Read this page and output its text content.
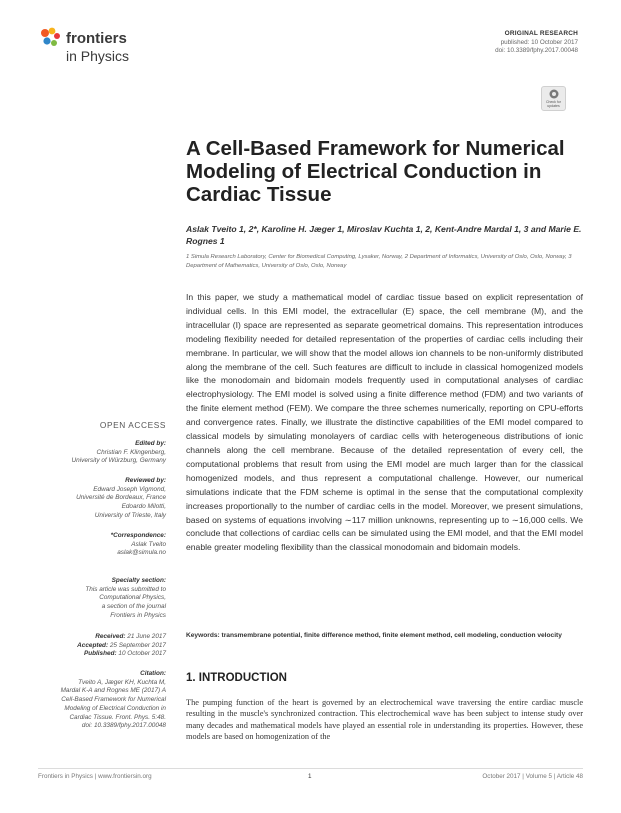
frontiers
in Physics
ORIGINAL RESEARCH
published: 10 October 2017
doi: 10.3389/fphy.2017.00048
Check for
updates
A Cell-Based Framework for Numerical Modeling of Electrical Conduction in Cardiac Tissue
Aslak Tveito 1, 2*, Karoline H. Jæger 1, Miroslav Kuchta 1, 2, Kent-Andre Mardal 1, 3 and Marie E. Rognes 1
1 Simula Research Laboratory, Center for Biomedical Computing, Lysaker, Norway, 2 Department of Informatics, University of Oslo, Oslo, Norway, 3 Department of Mathematics, University of Oslo, Oslo, Norway
In this paper, we study a mathematical model of cardiac tissue based on explicit representation of individual cells. In this EMI model, the extracellular (E) space, the cell membrane (M), and the intracellular (I) space are represented as separate geometrical domains. This representation introduces modeling flexibility needed for detailed representation of the properties of cardiac cells including their membrane. In particular, we will show that the model allows ion channels to be non-uniformly distributed along the membrane of the cell. Such features are difficult to include in classical homogenized models like the monodomain and bidomain models frequently used in computational analyses of cardiac electrophysiology. The EMI model is solved using a finite difference method (FDM) and two variants of the finite element method (FEM). We compare the three schemes numerically, reporting on CPU-efforts and convergence rates. Finally, we illustrate the distinctive capabilities of the EMI model compared to classical models by simulating monolayers of cardiac cells with heterogeneous distributions of ionic channels along the cell membrane. Because of the detailed representation of every cell, the computational problems that result from using the EMI model are much larger than for the classical homogenized models, and thus represent a computational challenge. However, our numerical simulations indicate that the FDM scheme is optimal in the sense that the computational complexity increases proportionally to the number of cardiac cells in the model. Moreover, we present simulations, based on systems of equations involving ∼117 million unknowns, representing up to ∼16,000 cells. We conclude that collections of cardiac cells can be simulated using the EMI model, and that the EMI model enable greater modeling flexibility than the classical monodomain and bidomain models.
Keywords: transmembrane potential, finite difference method, finite element method, cell modeling, conduction velocity
1. INTRODUCTION
The pumping function of the heart is governed by an electrochemical wave traversing the entire cardiac muscle resulting in the muscle's synchronized contraction. This electrochemical wave has been subject to intense study over many decades and mathematical models have played an essential role in understanding its properties. However, these models are based on homogenization of the
OPEN ACCESS
Edited by:
Christian F. Klingenberg,
University of Würzburg, Germany
Reviewed by:
Edward Joseph Vigmond,
Université de Bordeaux, France
Edoardo Milotti,
University of Trieste, Italy
*Correspondence:
Aslak Tveito
aslak@simula.no
Specialty section:
This article was submitted to
Computational Physics,
a section of the journal
Frontiers in Physics
Received: 21 June 2017
Accepted: 25 September 2017
Published: 10 October 2017
Citation:
Tveito A, Jæger KH, Kuchta M,
Mardal K-A and Rognes ME (2017) A
Cell-Based Framework for Numerical
Modeling of Electrical Conduction in
Cardiac Tissue. Front. Phys. 5:48.
doi: 10.3389/fphy.2017.00048
Frontiers in Physics | www.frontiersin.org	1	October 2017 | Volume 5 | Article 48
